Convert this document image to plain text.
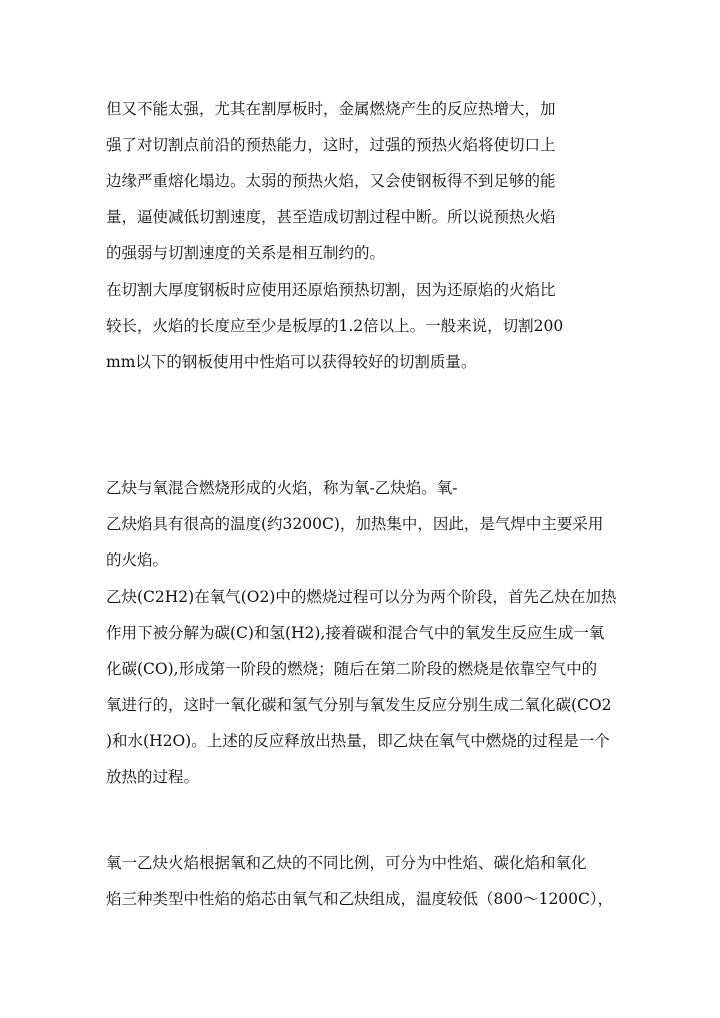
但又不能太强，尤其在割厚板时，金属燃烧产生的反应热增大，加
强了对切割点前沿的预热能力，这时，过强的预热火焰将使切口上
边缘严重熔化塌边。太弱的预热火焰，又会使钢板得不到足够的能
量，逼使减低切割速度，甚至造成切割过程中断。所以说预热火焰
的强弱与切割速度的关系是相互制约的。
在切割大厚度钢板时应使用还原焰预热切割，因为还原焰的火焰比
较长，火焰的长度应至少是板厚的1.2倍以上。一般来说，切割200
mm以下的钢板使用中性焰可以获得较好的切割质量。
乙炔与氧混合燃烧形成的火焰，称为氧-乙炔焰。氧-
乙炔焰具有很高的温度(约3200C)，加热集中，因此，是气焊中主要采用
的火焰。
乙炔(C2H2)在氧气(O2)中的燃烧过程可以分为两个阶段，首先乙炔在加热
作用下被分解为碳(C)和氢(H2),接着碳和混合气中的氧发生反应生成一氧
化碳(CO),形成第一阶段的燃烧；随后在第二阶段的燃烧是依靠空气中的
氧进行的，这时一氧化碳和氢气分别与氧发生反应分别生成二氧化碳(CO2
)和水(H2O)。上述的反应释放出热量，即乙炔在氧气中燃烧的过程是一个
放热的过程。
氧一乙炔火焰根据氧和乙炔的不同比例，可分为中性焰、碳化焰和氧化
焰三种类型中性焰的焰芯由氧气和乙炔组成，温度较低（800～1200C），
